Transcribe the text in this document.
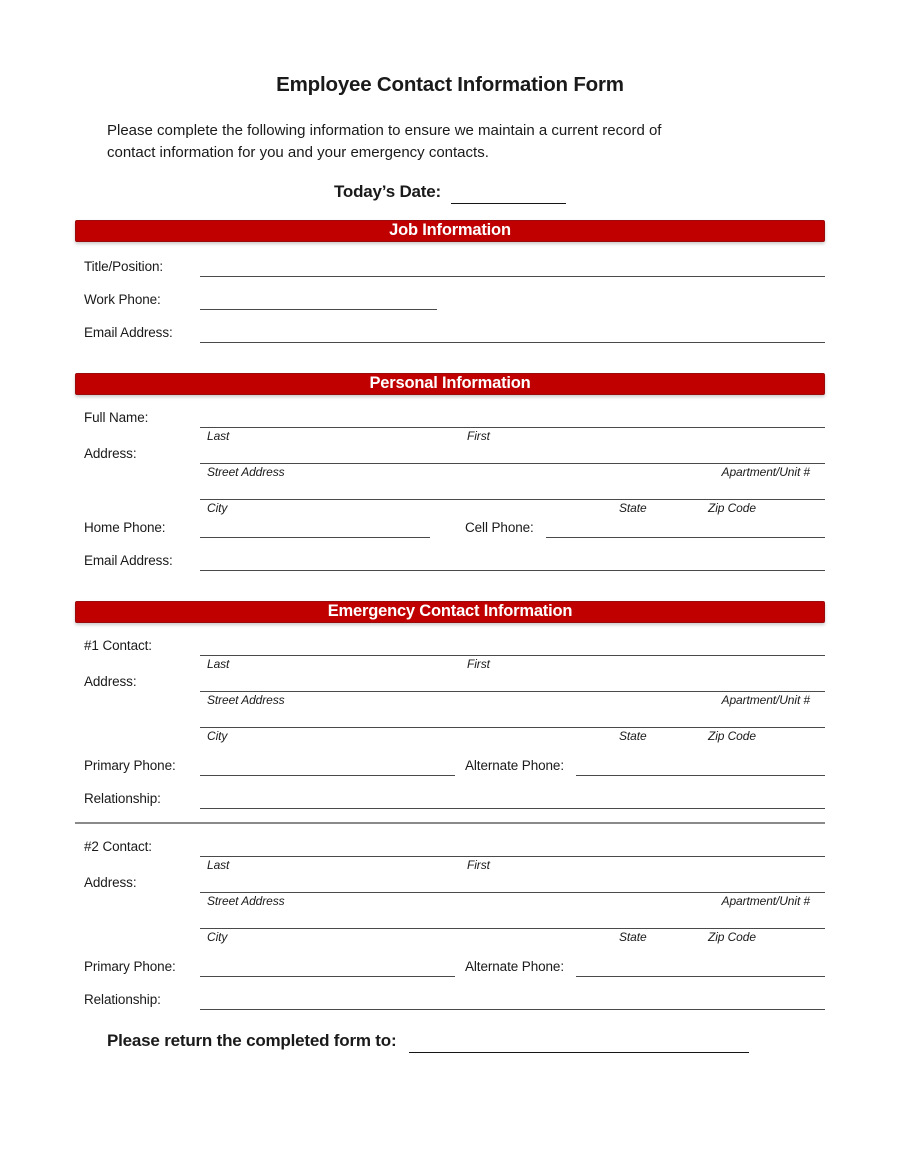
Employee Contact Information Form

Please complete the following information to ensure we maintain a current record of
contact information for you and your emergency contacts.

Today’s Date:
Job Information
Title/Position:
Work Phone:
Email Address:
Personal Information
Full Name:
Last	First
Address:
Street Address	Apartment/Unit #
City	State	Zip Code
Home Phone:	Cell Phone:
Email Address:
Emergency Contact Information
#1 Contact:
Last	First
Address:
Street Address	Apartment/Unit #
City	State	Zip Code
Primary Phone:	Alternate Phone:
Relationship:
#2 Contact:
Last	First
Address:
Street Address	Apartment/Unit #
City	State	Zip Code
Primary Phone:	Alternate Phone:
Relationship:
Please return the completed form to:
